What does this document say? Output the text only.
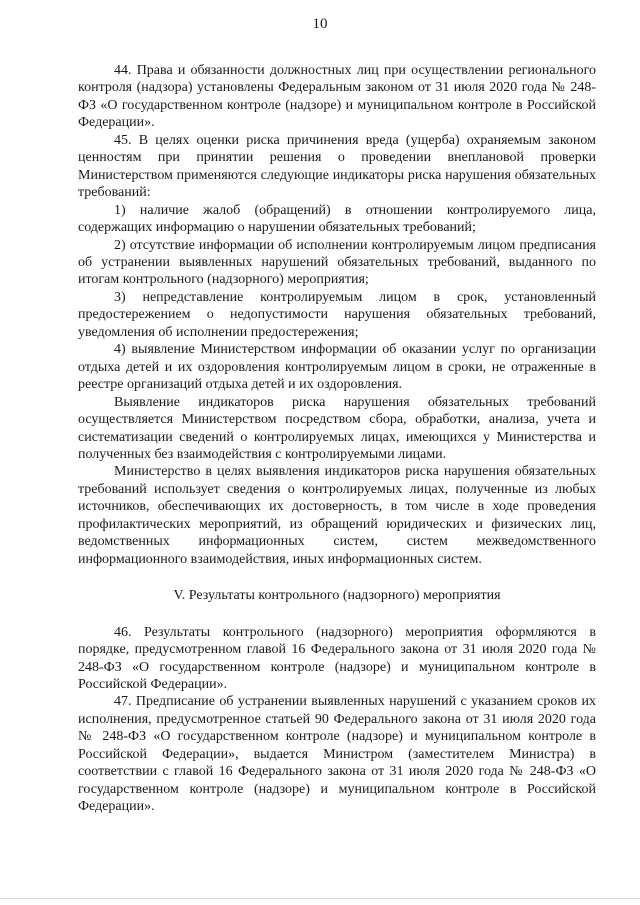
10

44. Права и обязанности должностных лиц при осуществлении регионального контроля (надзора) установлены Федеральным законом от 31 июля 2020 года № 248-ФЗ «О государственном контроле (надзоре) и муниципальном контроле в Российской Федерации».

45. В целях оценки риска причинения вреда (ущерба) охраняемым законом ценностям при принятии решения о проведении внеплановой проверки Министерством применяются следующие индикаторы риска нарушения обязательных требований:

1) наличие жалоб (обращений) в отношении контролируемого лица, содержащих информацию о нарушении обязательных требований;

2) отсутствие информации об исполнении контролируемым лицом предписания об устранении выявленных нарушений обязательных требований, выданного по итогам контрольного (надзорного) мероприятия;

3) непредставление контролируемым лицом в срок, установленный предостережением о недопустимости нарушения обязательных требований, уведомления об исполнении предостережения;

4) выявление Министерством информации об оказании услуг по организации отдыха детей и их оздоровления контролируемым лицом в сроки, не отраженные в реестре организаций отдыха детей и их оздоровления.

Выявление индикаторов риска нарушения обязательных требований осуществляется Министерством посредством сбора, обработки, анализа, учета и систематизации сведений о контролируемых лицах, имеющихся у Министерства и полученных без взаимодействия с контролируемыми лицами.

Министерство в целях выявления индикаторов риска нарушения обязательных требований использует сведения о контролируемых лицах, полученные из любых источников, обеспечивающих их достоверность, в том числе в ходе проведения профилактических мероприятий, из обращений юридических и физических лиц, ведомственных информационных систем, систем межведомственного информационного взаимодействия, иных информационных систем.

V. Результаты контрольного (надзорного) мероприятия

46. Результаты контрольного (надзорного) мероприятия оформляются в порядке, предусмотренном главой 16 Федерального закона от 31 июля 2020 года № 248-ФЗ «О государственном контроле (надзоре) и муниципальном контроле в Российской Федерации».

47. Предписание об устранении выявленных нарушений с указанием сроков их исполнения, предусмотренное статьей 90 Федерального закона от 31 июля 2020 года № 248-ФЗ «О государственном контроле (надзоре) и муниципальном контроле в Российской Федерации», выдается Министром (заместителем Министра) в соответствии с главой 16 Федерального закона от 31 июля 2020 года № 248-ФЗ «О государственном контроле (надзоре) и муниципальном контроле в Российской Федерации».
